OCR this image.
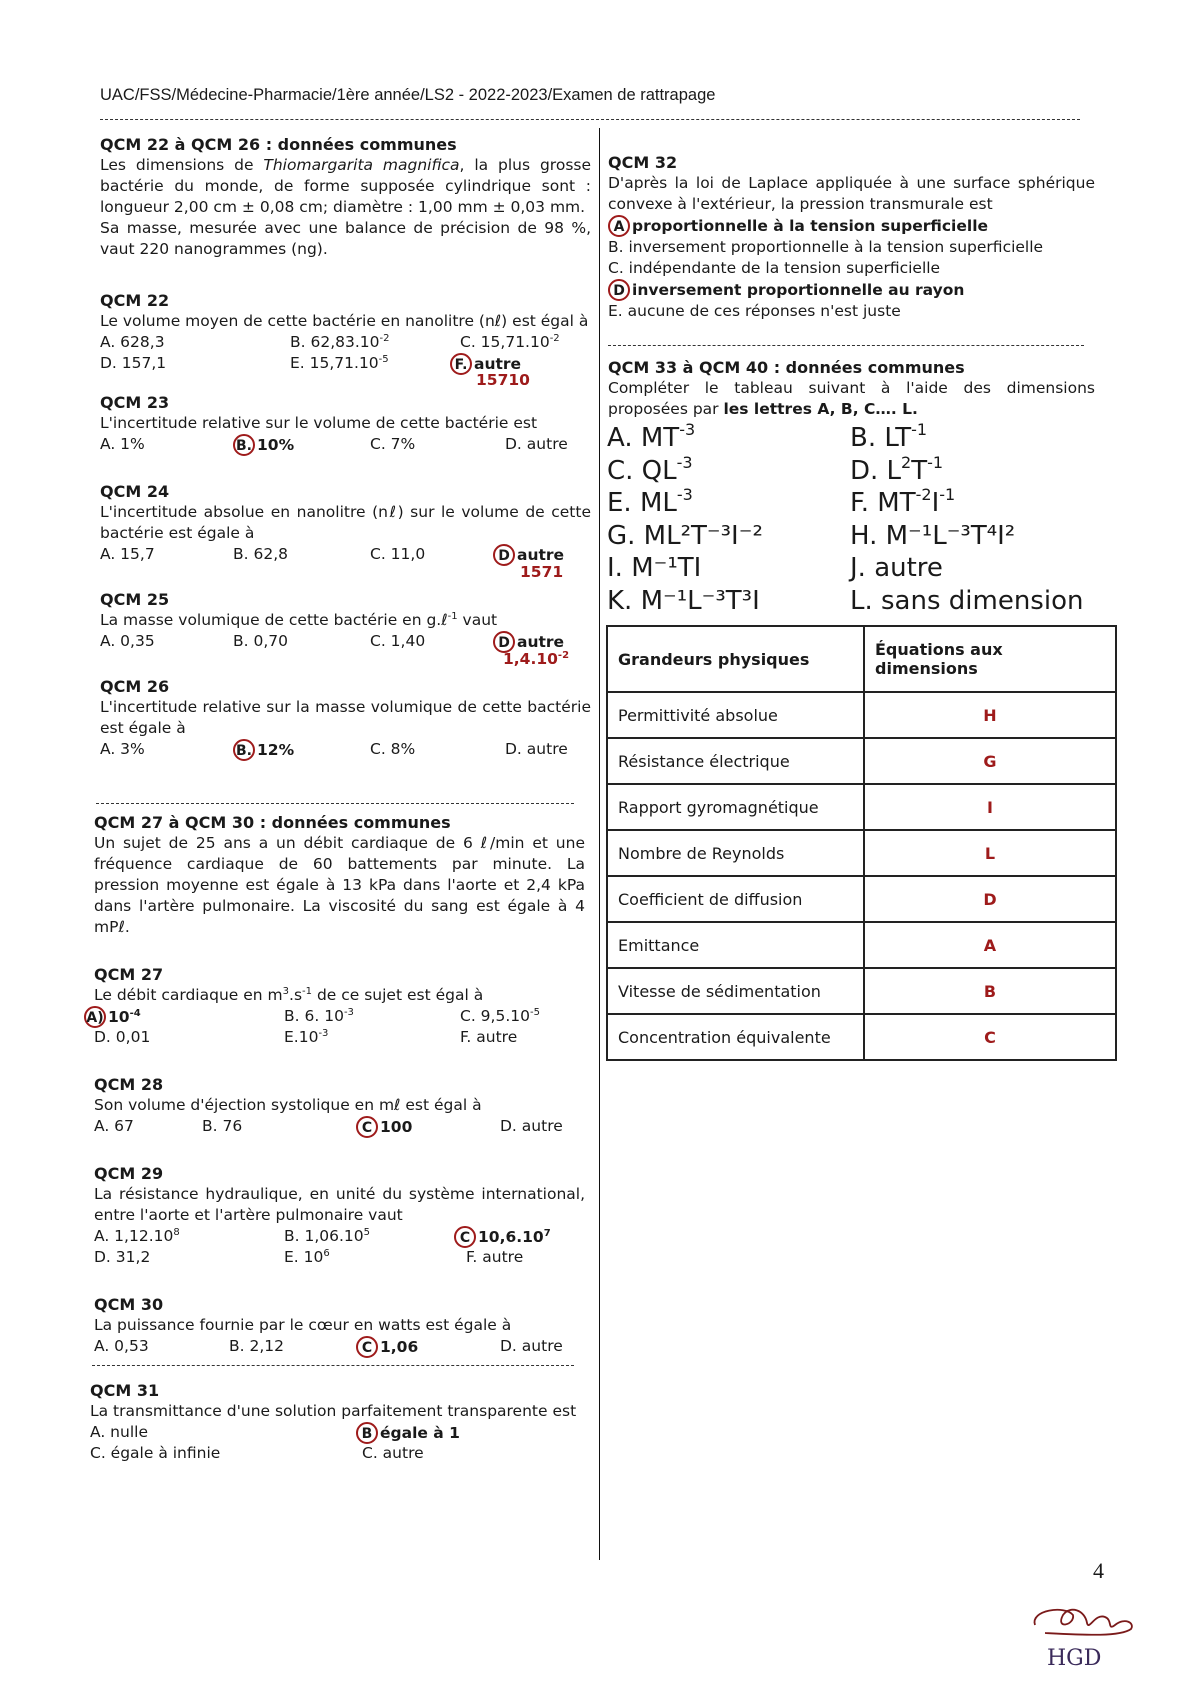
UAC/FSS/Médecine-Pharmacie/1ère année/LS2 - 2022-2023/Examen de rattrapage

QCM 22 à QCM 26 : données communes

Les dimensions de Thiomargarita magnifica, la plus grosse bactérie du monde, de forme supposée cylindrique sont : longueur 2,00 cm ± 0,08 cm; diamètre : 1,00 mm ± 0,03 mm.

Sa masse, mesurée avec une balance de précision de 98 %, vaut 220 nanogrammes (ng).

QCM 22

Le volume moyen de cette bactérie en nanolitre (nℓ) est égal à

A. 628,3	B. $62,83.10^{-2}$	C. $15,71.10^{-2}$
D. 157,1	E. $15,71.10^{-5}$	F. autre
15710

QCM 23

L'incertitude relative sur le volume de cette bactérie est

A. 1%	B. 10%	C. 7%	D. autre

QCM 24

L'incertitude absolue en nanolitre (nℓ) sur le volume de cette bactérie est égale à

A. 15,7	B. 62,8	C. 11,0	D autre
1571

QCM 25

La masse volumique de cette bactérie en g.ℓ$^{-1}$ vaut

A. 0,35	B. 0,70	C. 1,40	D autre
$1,4.10^{-2}$

QCM 26

L'incertitude relative sur la masse volumique de cette bactérie est égale à

A. 3%	B. 12%	C. 8%	D. autre

QCM 27 à QCM 30 : données communes

Un sujet de 25 ans a un débit cardiaque de 6 ℓ/min et une fréquence cardiaque de 60 battements par minute. La pression moyenne est égale à 13 kPa dans l'aorte et 2,4 kPa dans l'artère pulmonaire. La viscosité du sang est égale à 4 mPℓ.

QCM 27

Le débit cardiaque en $m^3.s^{-1}$ de ce sujet est égal à

A) $10^{-4}$	B. 6. $10^{-3}$	C. $9,5.10^{-5}$
D. 0,01	$E.10^{-3}$	F. autre

QCM 28

Son volume d'éjection systolique en mℓ est égal à

A. 67	B. 76	C 100	D. autre

QCM 29

La résistance hydraulique, en unité du système international, entre l'aorte et l'artère pulmonaire vaut

A. 1,12.10$^8$	B. 1,06.10$^5$	C 10,6.10$^7$
D. 31,2	E. $10^6$	F. autre

QCM 30

La puissance fournie par le cœur en watts est égale à

A. 0,53	B. 2,12	C 1,06	D. autre

QCM 31

La transmittance d'une solution parfaitement transparente est

A. nulle	B égale à 1
C. égale à infinie	C. autre

QCM 32

D'après la loi de Laplace appliquée à une surface sphérique convexe à l'extérieur, la pression transmurale est

A proportionnelle à la tension superficielle

B. inversement proportionnelle à la tension superficielle

C. indépendante de la tension superficielle

D inversement proportionnelle au rayon

E. aucune de ces réponses n'est juste

QCM 33 à QCM 40 : données communes

Compléter le tableau suivant à l'aide des dimensions proposées par les lettres A, B, C…. L.

A. $MT^{-3}$	B. $LT^{-1}$
C. $QL^{-3}$	D. $L^2T^{-1}$
E. $ML^{-3}$	F. $MT^{-2}I^{-1}$
G. ML²T⁻³I⁻²	H. M⁻¹L⁻³T⁴I²
I. M⁻¹TI	J. autre
K. M⁻¹L⁻³T³I	L. sans dimension
Grandeurs physiques	Équations aux dimensions
Permittivité absolue	H
Résistance électrique	G
Rapport gyromagnétique	I
Nombre de Reynolds	L
Coefficient de diffusion	D
Emittance	A
Vitesse de sédimentation	B
Concentration équivalente	C
4
HGD
